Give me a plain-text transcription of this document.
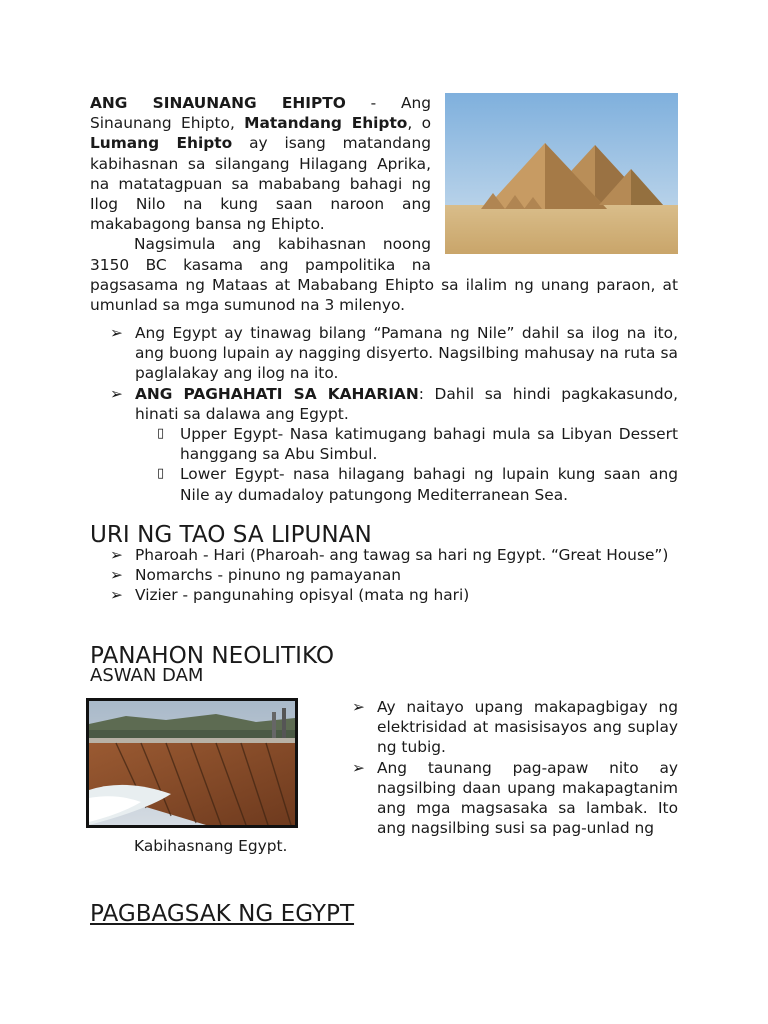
ANG SINAUNANG EHIPTO - Ang Sinaunang Ehipto, Matandang Ehipto, o Lumang Ehipto ay isang matandang kabihasnan sa silangang Hilagang Aprika, na matatagpuan sa mababang bahagi ng Ilog Nilo na kung saan naroon ang makabagong bansa ng Ehipto.

Nagsimula ang kabihasnan noong 3150 BC kasama ang pampolitika na pagsasama ng Mataas at Mababang Ehipto sa ilalim ng unang paraon, at umunlad sa mga sumunod na 3 milenyo.

➢ Ang Egypt ay tinawag bilang “Pamana ng Nile” dahil sa ilog na ito, ang buong lupain ay nagging disyerto. Nagsilbing mahusay na ruta sa paglalakay ang ilog na ito.
➢ ANG PAGHAHATI SA KAHARIAN: Dahil sa hindi pagkakasundo, hinati sa dalawa ang Egypt.
▯ Upper Egypt- Nasa katimugang bahagi mula sa Libyan Dessert hanggang sa Abu Simbul.
▯ Lower Egypt- nasa hilagang bahagi ng lupain kung saan ang Nile ay dumadaloy patungong Mediterranean Sea.
URI NG TAO SA LIPUNAN
➢ Pharoah - Hari (Pharoah- ang tawag sa hari ng Egypt. “Great House”)
➢ Nomarchs - pinuno ng pamayanan
➢ Vizier - pangunahing opisyal (mata ng hari)
PANAHON NEOLITIKO
ASWAN DAM

Kabihasnang Egypt.

➢ Ay naitayo upang makapagbigay ng elektrisidad at masisisayos ang suplay ng tubig.
➢ Ang taunang pag-apaw nito ay nagsilbing daan upang makapagtanim ang mga magsasaka sa lambak. Ito ang nagsilbing susi sa pag-unlad ng
PAGBAGSAK NG EGYPT
